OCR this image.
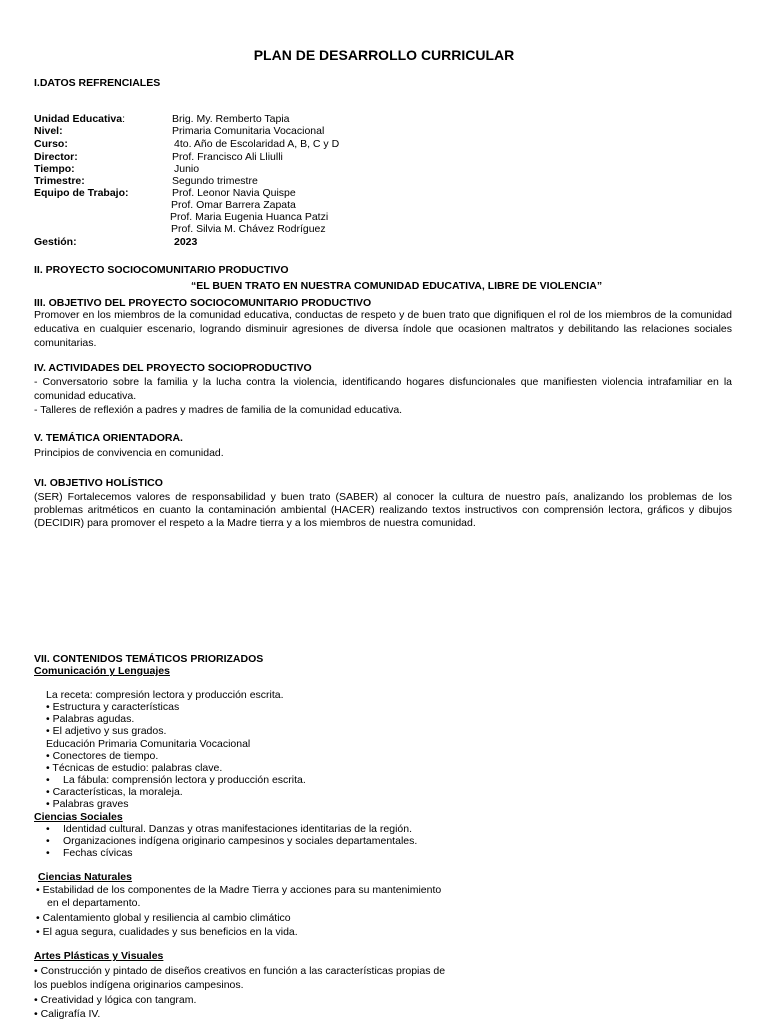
PLAN DE DESARROLLO CURRICULAR
I.DATOS REFRENCIALES
Unidad Educativa:	Brig. My. Remberto Tapia
Nivel:	Primaria Comunitaria Vocacional
Curso:	4to. Año de Escolaridad A, B, C y D
Director:	Prof. Francisco Ali Lliulli
Tiempo:	Junio
Trimestre:	Segundo trimestre
Equipo de Trabajo:	Prof. Leonor Navia Quispe
Prof. Omar Barrera Zapata
Prof. Maria Eugenia Huanca Patzi
Prof. Silvia M. Chávez Rodríguez
Gestión:	2023
II. PROYECTO SOCIOCOMUNITARIO PRODUCTIVO
“EL BUEN TRATO EN NUESTRA COMUNIDAD EDUCATIVA, LIBRE DE VIOLENCIA”
III. OBJETIVO DEL PROYECTO SOCIOCOMUNITARIO PRODUCTIVO
Promover en los miembros de la comunidad educativa, conductas de respeto y de buen trato que dignifiquen el rol de los miembros de la comunidad educativa en cualquier escenario, logrando disminuir agresiones de diversa índole que ocasionen maltratos y debilitando las relaciones sociales comunitarias.
IV. ACTIVIDADES DEL PROYECTO SOCIOPRODUCTIVO
- Conversatorio sobre la familia y la lucha contra la violencia, identificando hogares disfuncionales que manifiesten violencia intrafamiliar en la comunidad educativa.
- Talleres de reflexión a padres y madres de familia de la comunidad educativa.
V. TEMÁTICA ORIENTADORA.
Principios de convivencia en comunidad.
VI. OBJETIVO HOLÍSTICO
(SER) Fortalecemos valores de responsabilidad y buen trato (SABER) al conocer la cultura de nuestro país, analizando los problemas de los problemas aritméticos en cuanto la contaminación ambiental (HACER) realizando textos instructivos con comprensión lectora, gráficos y dibujos (DECIDIR) para promover el respeto a la Madre tierra y a los miembros de nuestra comunidad.
VII. CONTENIDOS TEMÁTICOS PRIORIZADOS
Comunicación y Lenguajes
La receta: compresión lectora y producción escrita.
• Estructura y características
• Palabras agudas.
• El adjetivo y sus grados.
Educación Primaria Comunitaria Vocacional
• Conectores de tiempo.
• Técnicas de estudio: palabras clave.
• La fábula: comprensión lectora y producción escrita.
• Características, la moraleja.
• Palabras graves
Ciencias Sociales
• Identidad cultural. Danzas y otras manifestaciones identitarias de la región.
• Organizaciones indígena originario campesinos y sociales departamentales.
• Fechas cívicas
Ciencias Naturales
• Estabilidad de los componentes de la Madre Tierra y acciones para su mantenimiento
en el departamento.
• Calentamiento global y resiliencia al cambio climático
• El agua segura, cualidades y sus beneficios en la vida.
Artes Plásticas y Visuales
• Construcción y pintado de diseños creativos en función a las características propias de
los pueblos indígena originarios campesinos.
• Creatividad y lógica con tangram.
• Caligrafía IV.
